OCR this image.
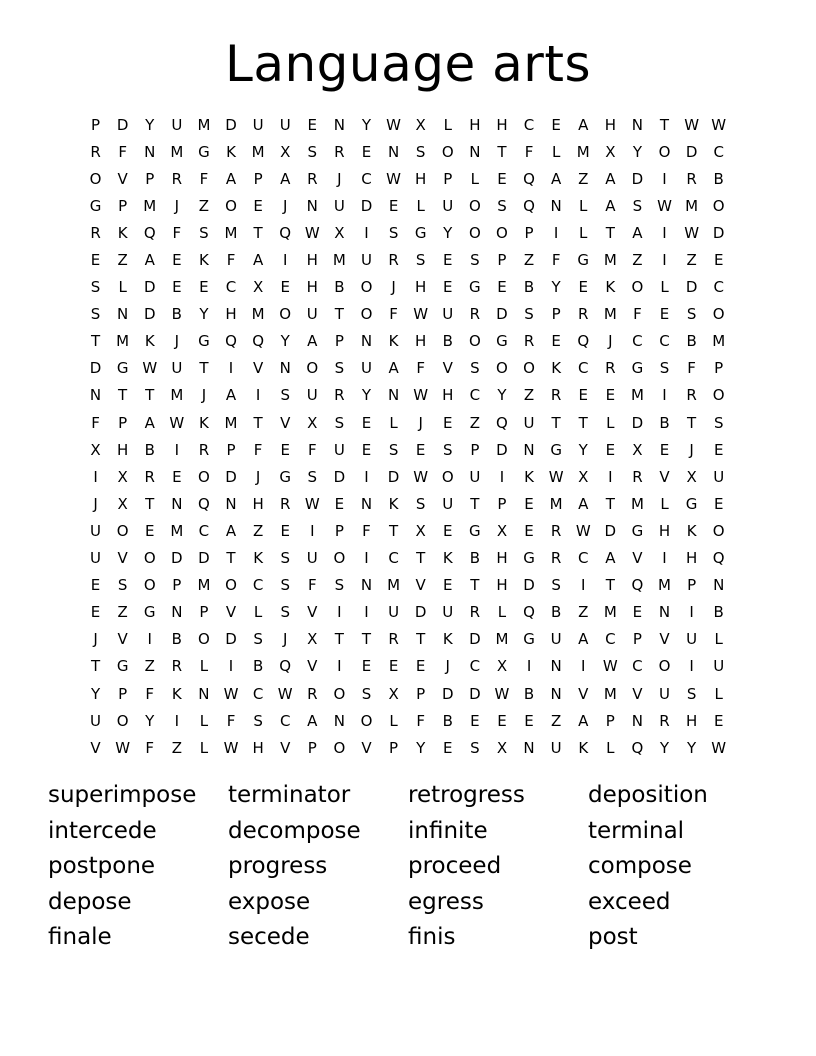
Language arts
P	D	Y	U	M D	U	U	E	N	Y	W X	L	H	H	C	E	A	H	N	T	W W
R	F	N	M G	K	M	X	S	R	E	N	S	O	N	T	F	L	M	X	Y	O	D	C
O	V	P	R	F	A	P	A	R	J	C W H	P	L	E	Q	A	Z	A	D	I	R	B
G	P	M	J	Z	O	E	J	N	U	D	E	L	U	O	S	Q	N	L	A	S W M O
R	K	Q	F	S	M	T	Q W X	I	S	G	Y	O	O	P	I	L	T	A	I	W D
E	Z	A	E	K	F	A	I	H M	U	R	S	E	S	P	Z	F	G M	Z	I	Z	E
S	L	D	E	E	C	X	E	H	B	O	J	H	E	G	E	B	Y	E	K	O	L	D	C
S	N	D	B	Y	H M O	U	T	O	F	W U	R	D	S	P	R	M	F	E	S	O
T	M	K	J	G	Q	Q	Y	A	P	N	K	H	B	O	G	R	E	Q	J	C	C	B	M
D	G W U	T	I	V	N	O	S	U	A	F	V	S	O	O	K	C	R	G	S	F	P
N	T	T	M	J	A	I	S	U	R	Y	N W H	C	Y	Z	R	E	E	M	I	R	O
F	P	A W K	M	T	V	X	S	E	L	J	E	Z	Q	U	T	T	L	D	B	T	S
X	H	B	I	R	P	F	E	F	U	E	S	E	S	P	D	N	G	Y	E	X	E	J	E
I	X	R	E	O	D	J	G	S	D	I	D W O	U	I	K W X	I	R	V	X	U
J	X	T	N	Q	N	H	R W E	N	K	S	U	T	P	E	M	A	T	M	L	G	E
U	O	E	M	C	A	Z	E	I	P	F	T	X	E	G	X	E	R W D	G	H	K	O
U	V	O	D	D	T	K	S	U	O	I	C	T	K	B	H	G	R	C	A	V	I	H	Q
E	S	O	P	M O	C	S	F	S	N	M	V	E	T	H	D	S	I	T	Q M	P	N
E	Z	G	N	P	V	L	S	V	I	I	U	D	U	R	L	Q	B	Z	M	E	N	I	B
J	V	I	B	O	D	S	J	X	T	T	R	T	K	D M G	U	A	C	P	V	U	L
T	G	Z	R	L	I	B	Q	V	I	E	E	E	J	C	X	I	N	I	W C	O	I	U
Y	P	F	K	N W C W R	O	S	X	P	D	D W B	N	V	M	V	U	S	L
U	O	Y	I	L	F	S	C	A	N	O	L	F	B	E	E	E	Z	A	P	N	R	H	E
V W	F	Z	L	W H	V	P	O	V	P	Y	E	S	X	N	U	K	L	Q	Y	Y	W
superimpose	terminator	retrogress	deposition
intercede	decompose	infinite	terminal
postpone	progress	proceed	compose
depose	expose	egress	exceed
finale	secede	finis	post
